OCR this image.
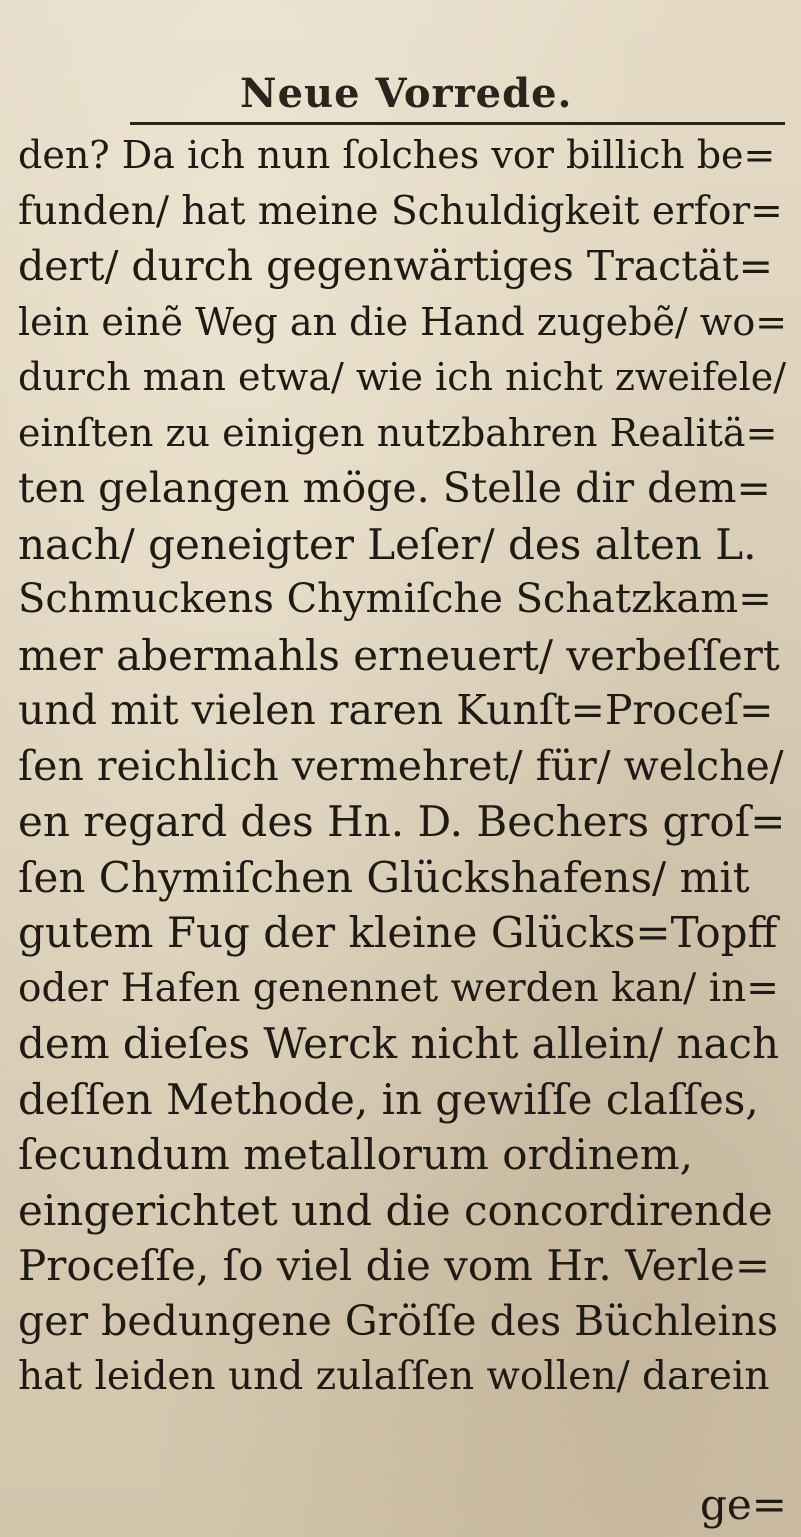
Neue Vorrede.
den? Da ich nun ſolches vor billich be=
funden/ hat meine Schuldigkeit erfor=
dert/ durch gegenwärtiges Tractät=
lein einẽ Weg an die Hand zugebẽ/ wo=
durch man etwa/ wie ich nicht zweifele/
einſten zu einigen nutzbahren Realitä=
ten gelangen möge. Stelle dir dem=
nach/ geneigter Leſer/ des alten L.
Schmuckens Chymiſche Schatzkam=
mer abermahls erneuert/ verbeſſert
und mit vielen raren Kunſt=Proceſ=
ſen reichlich vermehret/ für/ welche/
en regard des Hn. D. Bechers groſ=
ſen Chymiſchen Glückshafens/ mit
gutem Fug der kleine Glücks=Topff
oder Hafen genennet werden kan/ in=
dem dieſes Werck nicht allein/ nach
deſſen Methode, in gewiſſe claſſes,
ſecundum metallorum ordinem,
eingerichtet und die concordirende
Proceſſe, ſo viel die vom Hr. Verle=
ger bedungene Gröſſe des Büchleins
hat leiden und zulaſſen wollen/ darein
ge=
